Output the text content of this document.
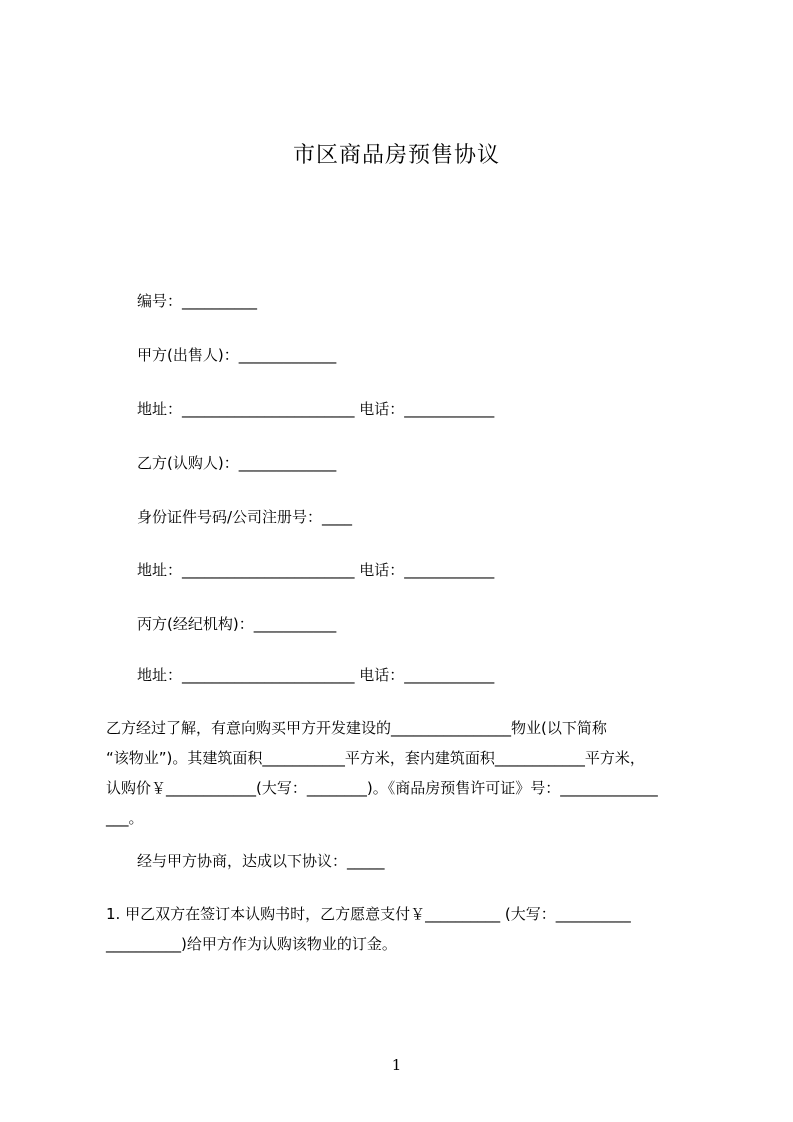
市区商品房预售协议
编号：__________
甲方(出售人)：_____________
地址：_______________________ 电话：____________
乙方(认购人)：_____________
身份证件号码/公司注册号：____
地址：_______________________ 电话：____________
丙方(经纪机构)：___________
地址：_______________________ 电话：____________
乙方经过了解，有意向购买甲方开发建设的________________物业(以下简称
“该物业”)。其建筑面积___________平方米，套内建筑面积____________平方米，
认购价￥____________(大写：________)。《商品房预售许可证》号：_____________
___。
经与甲方协商，达成以下协议：_____
1. 甲乙双方在签订本认购书时，乙方愿意支付￥__________ (大写：__________
__________)给甲方作为认购该物业的订金。
1
